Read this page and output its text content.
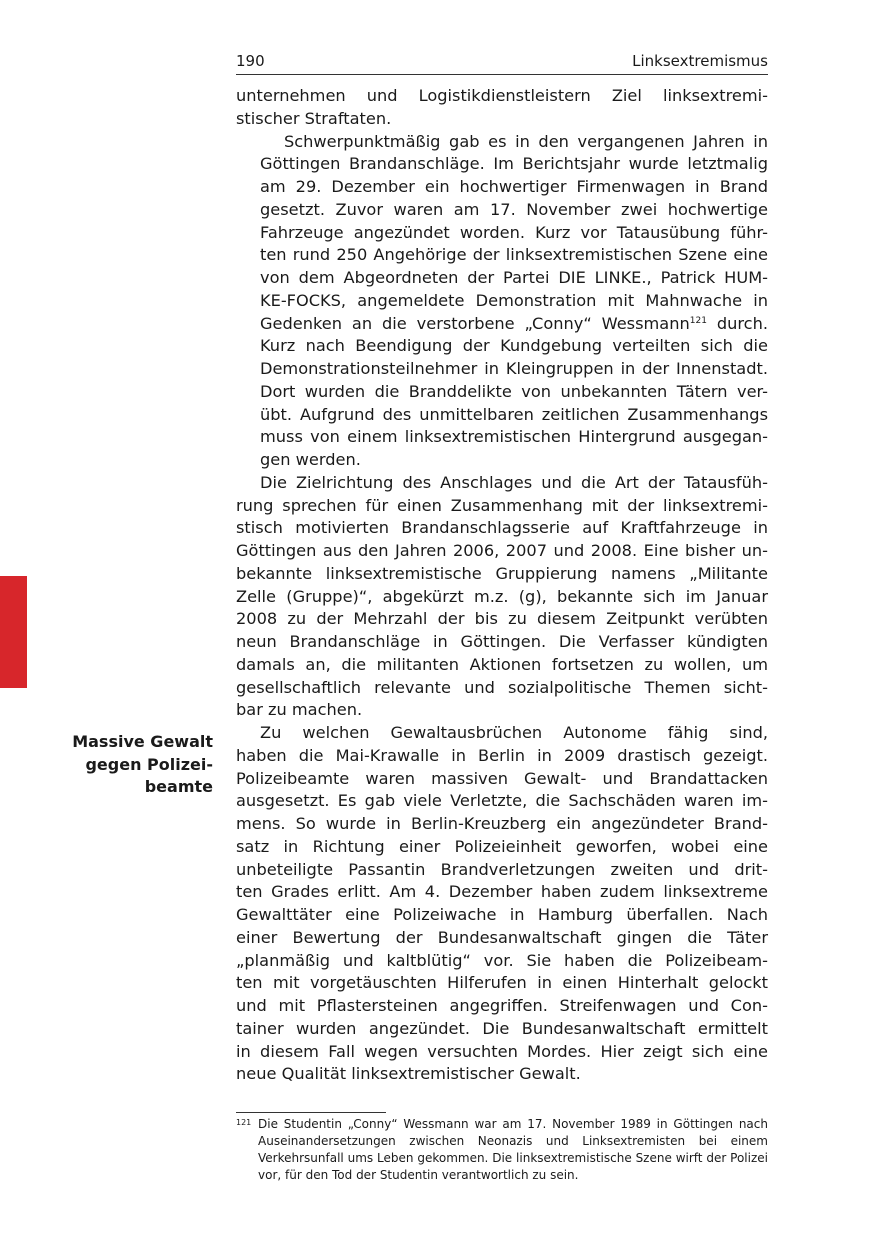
190	Linksextremismus
Massive Gewalt
gegen Polizei-
beamte

unternehmen und Logistikdienstleistern Ziel linksextremi-
stischer Straftaten.

Schwerpunktmäßig gab es in den vergangenen Jahren in
Göttingen Brandanschläge. Im Berichtsjahr wurde letztmalig
am 29. Dezember ein hochwertiger Firmenwagen in Brand
gesetzt. Zuvor waren am 17. November zwei hochwertige
Fahrzeuge angezündet worden. Kurz vor Tatausübung führ-
ten rund 250 Angehörige der linksextremistischen Szene eine
von dem Abgeordneten der Partei DIE LINKE., Patrick HUM-
KE-FOCKS, angemeldete Demonstration mit Mahnwache in
Gedenken an die verstorbene „Conny“ Wessmann$^{121}$ durch.
Kurz nach Beendigung der Kundgebung verteilten sich die
Demonstrationsteilnehmer in Kleingruppen in der Innenstadt.
Dort wurden die Branddelikte von unbekannten Tätern ver-
übt. Aufgrund des unmittelbaren zeitlichen Zusammenhangs
muss von einem linksextremistischen Hintergrund ausgegan-
gen werden.

Die Zielrichtung des Anschlages und die Art der Tatausfüh-
rung sprechen für einen Zusammenhang mit der linksextremi-
stisch motivierten Brandanschlagsserie auf Kraftfahrzeuge in
Göttingen aus den Jahren 2006, 2007 und 2008. Eine bisher un-
bekannte linksextremistische Gruppierung namens „Militante
Zelle (Gruppe)“, abgekürzt m.z. (g), bekannte sich im Januar
2008 zu der Mehrzahl der bis zu diesem Zeitpunkt verübten
neun Brandanschläge in Göttingen. Die Verfasser kündigten
damals an, die militanten Aktionen fortsetzen zu wollen, um
gesellschaftlich relevante und sozialpolitische Themen sicht-
bar zu machen.

Zu welchen Gewaltausbrüchen Autonome fähig sind,
haben die Mai-Krawalle in Berlin in 2009 drastisch gezeigt.
Polizeibeamte waren massiven Gewalt- und Brandattacken
ausgesetzt. Es gab viele Verletzte, die Sachschäden waren im-
mens. So wurde in Berlin-Kreuzberg ein angezündeter Brand-
satz in Richtung einer Polizeieinheit geworfen, wobei eine
unbeteiligte Passantin Brandverletzungen zweiten und drit-
ten Grades erlitt. Am 4. Dezember haben zudem linksextreme
Gewalttäter eine Polizeiwache in Hamburg überfallen. Nach
einer Bewertung der Bundesanwaltschaft gingen die Täter
„planmäßig und kaltblütig“ vor. Sie haben die Polizeibeam-
ten mit vorgetäuschten Hilferufen in einen Hinterhalt gelockt
und mit Pflastersteinen angegriffen. Streifenwagen und Con-
tainer wurden angezündet. Die Bundesanwaltschaft ermittelt
in diesem Fall wegen versuchten Mordes. Hier zeigt sich eine
neue Qualität linksextremistischer Gewalt.

121 Die Studentin „Conny“ Wessmann war am 17. November 1989 in Göttingen nach Auseinandersetzungen zwischen Neonazis und Linksextremisten bei einem Verkehrsunfall ums Leben gekommen. Die linksextremistische Szene wirft der Polizei vor, für den Tod der Studentin verantwortlich zu sein.
